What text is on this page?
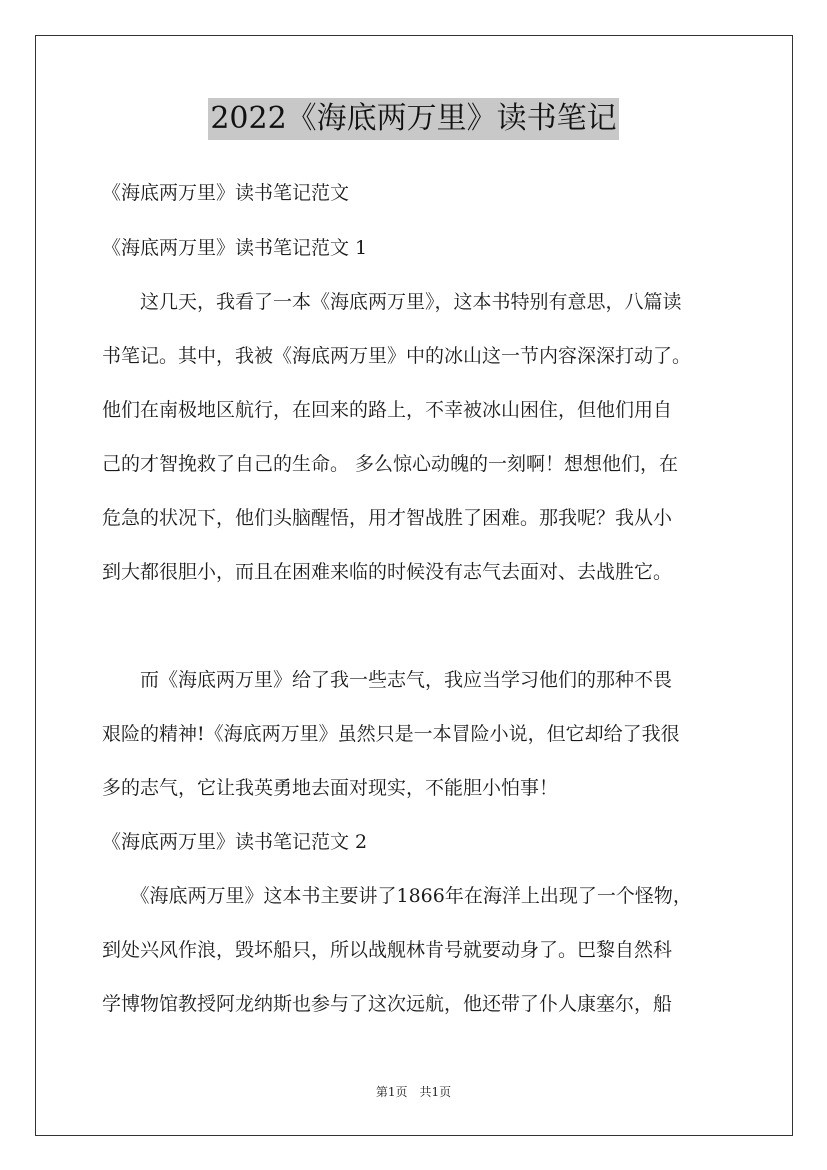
2022《海底两万里》读书笔记
《海底两万里》读书笔记范文
《海底两万里》读书笔记范文 1
　　这几天，我看了一本《海底两万里》，这本书特别有意思，八篇读
书笔记。其中，我被《海底两万里》中的冰山这一节内容深深打动了。
他们在南极地区航行，在回来的路上，不幸被冰山困住，但他们用自
己的才智挽救了自己的生命。 多么惊心动魄的一刻啊！想想他们，在
危急的状况下，他们头脑醒悟，用才智战胜了困难。那我呢？我从小
到大都很胆小，而且在困难来临的时候没有志气去面对、去战胜它。
　　而《海底两万里》给了我一些志气，我应当学习他们的那种不畏
艰险的精神!《海底两万里》虽然只是一本冒险小说，但它却给了我很
多的志气，它让我英勇地去面对现实，不能胆小怕事！
《海底两万里》读书笔记范文 2
　　《海底两万里》这本书主要讲了1866年在海洋上出现了一个怪物，
到处兴风作浪，毁坏船只，所以战舰林肯号就要动身了。巴黎自然科
学博物馆教授阿龙纳斯也参与了这次远航，他还带了仆人康塞尔，船
第1页　共1页
